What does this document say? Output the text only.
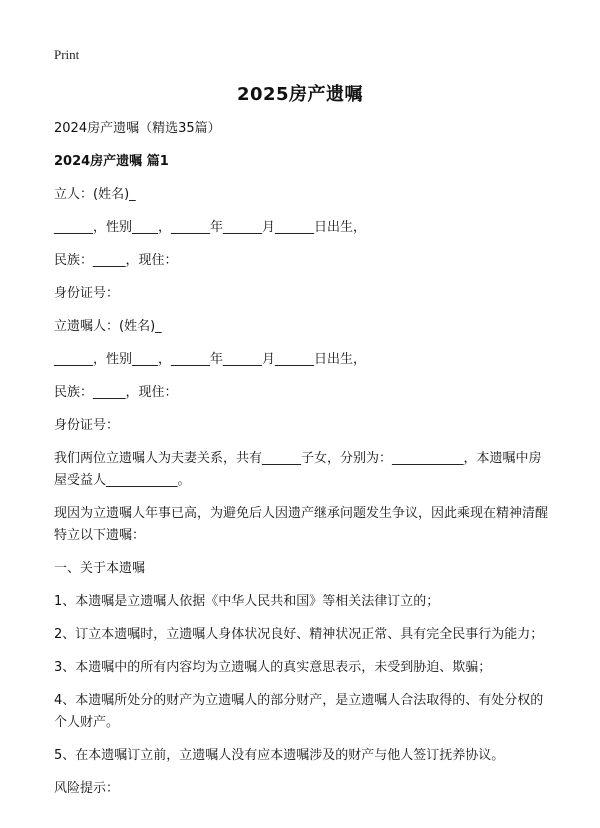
Print
2025房产遗嘱

2024房产遗嘱（精选35篇）

2024房产遗嘱 篇1

立人：(姓名)_

______，性别____，______年______月______日出生，

民族：_____，现住：

身份证号：

立遗嘱人：(姓名)_

______，性别____，______年______月______日出生，

民族：_____，现住：

身份证号：

我们两位立遗嘱人为夫妻关系，共有______子女，分别为：___________，本遗嘱中房屋受益人___________。

现因为立遗嘱人年事已高，为避免后人因遗产继承问题发生争议，因此乘现在精神清醒特立以下遗嘱：

一、关于本遗嘱

1、本遗嘱是立遗嘱人依据《中华人民共和国》等相关法律订立的；

2、订立本遗嘱时，立遗嘱人身体状况良好、精神状况正常、具有完全民事行为能力；

3、本遗嘱中的所有内容均为立遗嘱人的真实意思表示，未受到胁迫、欺骗；

4、本遗嘱所处分的财产为立遗嘱人的部分财产，是立遗嘱人合法取得的、有处分权的个人财产。

5、在本遗嘱订立前，立遗嘱人没有应本遗嘱涉及的财产与他人签订抚养协议。

风险提示：
